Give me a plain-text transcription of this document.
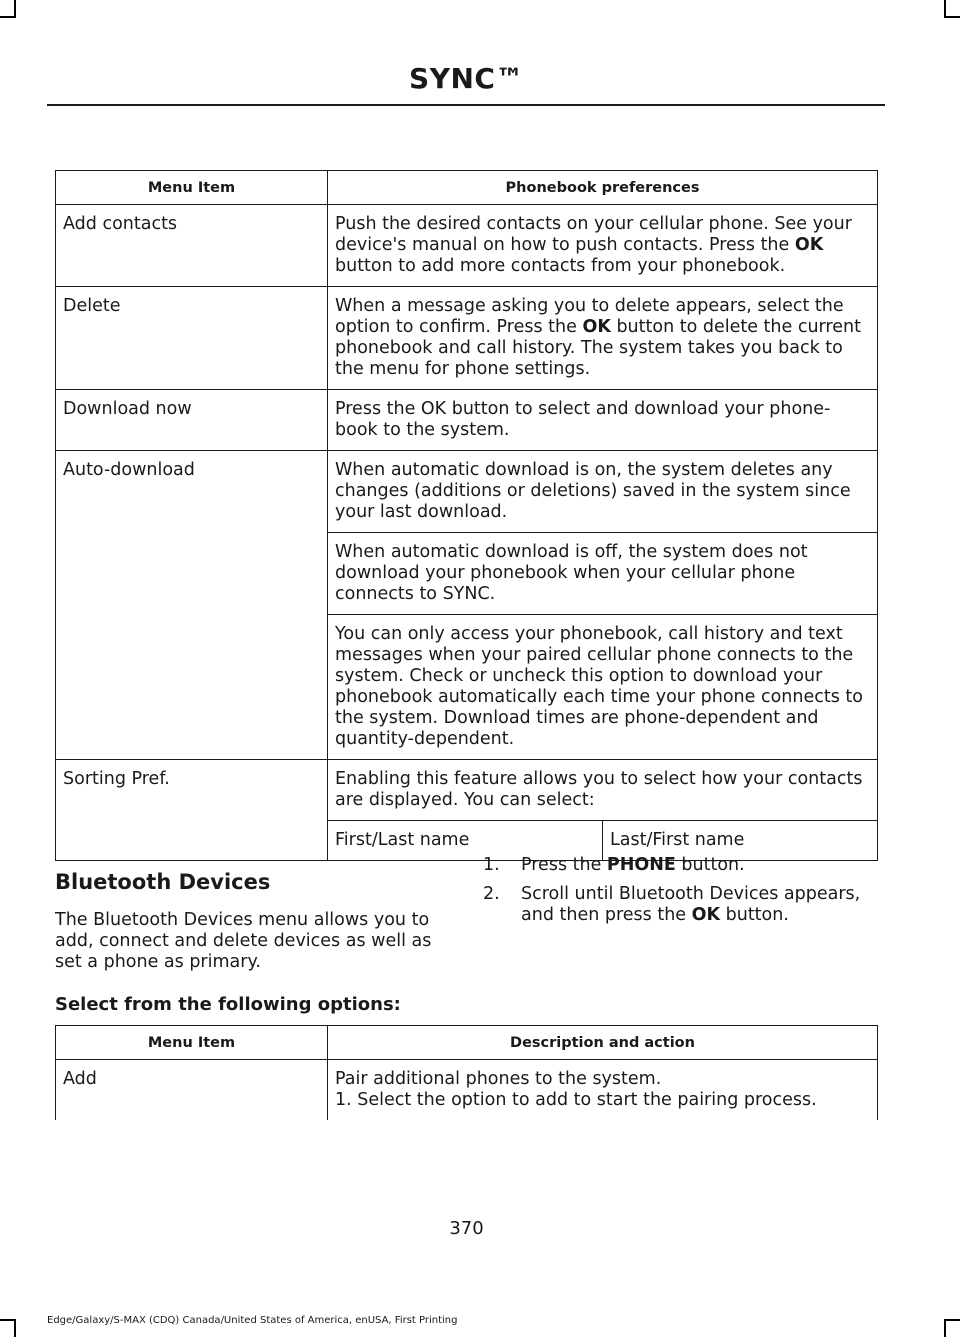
SYNC™
Menu Item	Phonebook preferences	
Add contacts	Push the desired contacts on your cellular phone. See your device's manual on how to push contacts. Press the OK button to add more contacts from your phonebook.	
Delete	When a message asking you to delete appears, select the option to confirm. Press the OK button to delete the current phonebook and call history. The system takes you back to the menu for phone settings.	
Download now	Press the OK button to select and download your phone-book to the system.	
Auto-download	When automatic download is on, the system deletes any changes (additions or deletions) saved in the system since your last download.	
	When automatic download is off, the system does not download your phonebook when your cellular phone connects to SYNC.	
	You can only access your phonebook, call history and text messages when your paired cellular phone connects to the system. Check or uncheck this option to download your phonebook automatically each time your phone connects to the system. Download times are phone-dependent and quantity-dependent.	
Sorting Pref.	Enabling this feature allows you to select how your contacts are displayed. You can select:	
	First/Last name	Last/First name
Bluetooth Devices
The Bluetooth Devices menu allows you to add, connect and delete devices as well as set a phone as primary.
1.	Press the PHONE button.
2.	Scroll until Bluetooth Devices appears, and then press the OK button.
Select from the following options:
Menu Item	Description and action
Add	Pair additional phones to the system.
1. Select the option to add to start the pairing process.
370
Edge/Galaxy/S-MAX (CDQ) Canada/United States of America, enUSA, First Printing
